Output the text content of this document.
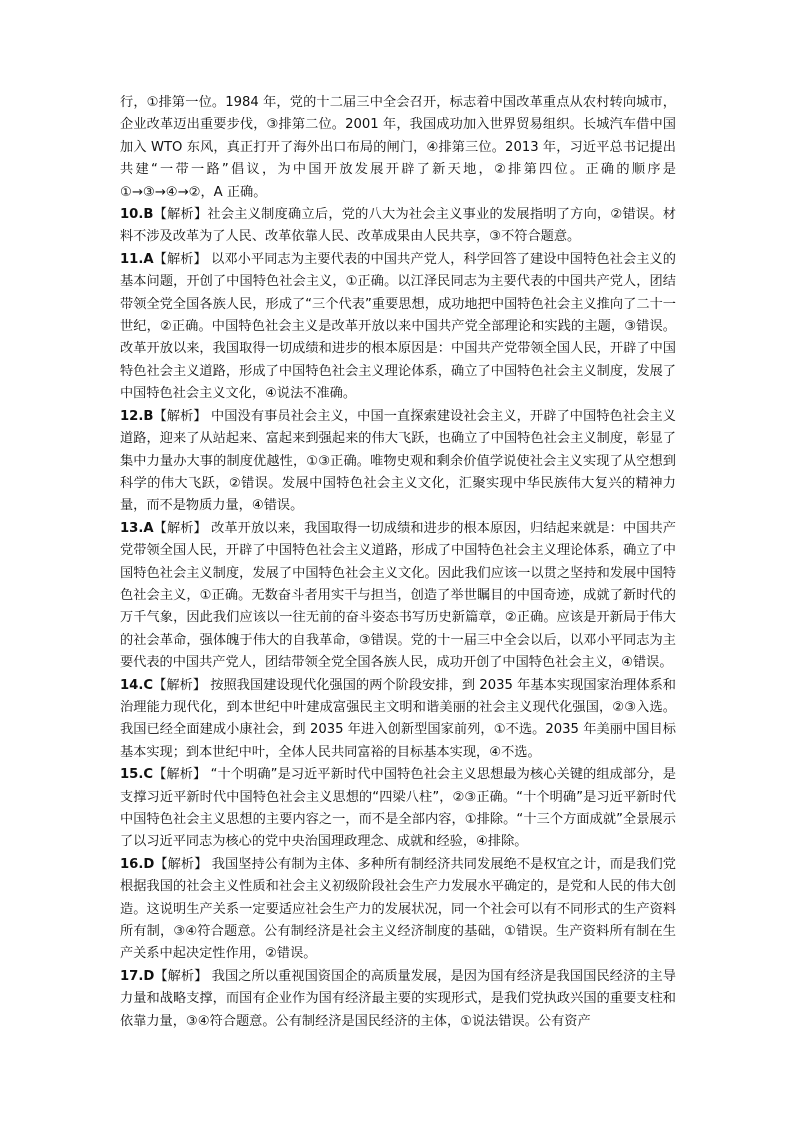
行，①排第一位。1984 年，党的十二届三中全会召开，标志着中国改革重点从农村转向城市，企业改革迈出重要步伐，③排第二位。2001 年，我国成功加入世界贸易组织。长城汽车借中国加入 WTO 东风，真正打开了海外出口布局的闸门，④排第三位。2013 年，习近平总书记提出共建“一带一路”倡议，为中国开放发展开辟了新天地，②排第四位。正确的顺序是①→③→④→②，A 正确。

10.B【解析】社会主义制度确立后，党的八大为社会主义事业的发展指明了方向，②错误。材料不涉及改革为了人民、改革依靠人民、改革成果由人民共享，③不符合题意。

11.A【解析】 以邓小平同志为主要代表的中国共产党人，科学回答了建设中国特色社会主义的基本问题，开创了中国特色社会主义，①正确。以江泽民同志为主要代表的中国共产党人，团结带领全党全国各族人民，形成了“三个代表”重要思想，成功地把中国特色社会主义推向了二十一世纪，②正确。中国特色社会主义是改革开放以来中国共产党全部理论和实践的主题，③错误。改革开放以来，我国取得一切成绩和进步的根本原因是：中国共产党带领全国人民，开辟了中国特色社会主义道路，形成了中国特色社会主义理论体系，确立了中国特色社会主义制度，发展了中国特色社会主义文化，④说法不准确。

12.B【解析】 中国没有事员社会主义，中国一直探索建设社会主义，开辟了中国特色社会主义道路，迎来了从站起来、富起来到强起来的伟大飞跃，也确立了中国特色社会主义制度，彰显了集中力量办大事的制度优越性，①③正确。唯物史观和剩余价值学说使社会主义实现了从空想到科学的伟大飞跃，②错误。发展中国特色社会主义文化，汇聚实现中华民族伟大复兴的精神力量，而不是物质力量，④错误。

13.A【解析】 改革开放以来，我国取得一切成绩和进步的根本原因，归结起来就是：中国共产党带领全国人民，开辟了中国特色社会主义道路，形成了中国特色社会主义理论体系，确立了中国特色社会主义制度，发展了中国特色社会主义文化。因此我们应该一以贯之坚持和发展中国特色社会主义，①正确。无数奋斗者用实干与担当，创造了举世瞩目的中国奇迹，成就了新时代的万千气象，因此我们应该以一往无前的奋斗姿态书写历史新篇章，②正确。应该是开新局于伟大的社会革命，强体魄于伟大的自我革命，③错误。党的十一届三中全会以后，以邓小平同志为主要代表的中国共产党人，团结带领全党全国各族人民，成功开创了中国特色社会主义，④错误。

14.C【解析】 按照我国建设现代化强国的两个阶段安排，到 2035 年基本实现国家治理体系和治理能力现代化，到本世纪中叶建成富强民主文明和谐美丽的社会主义现代化强国，②③入选。我国已经全面建成小康社会，到 2035 年进入创新型国家前列，①不选。2035 年美丽中国目标基本实现；到本世纪中叶，全体人民共同富裕的目标基本实现，④不选。

15.C【解析】 “十个明确”是习近平新时代中国特色社会主义思想最为核心关键的组成部分，是支撑习近平新时代中国特色社会主义思想的“四梁八柱”，②③正确。“十个明确”是习近平新时代中国特色社会主义思想的主要内容之一，而不是全部内容，①排除。“十三个方面成就”全景展示了以习近平同志为核心的党中央治国理政理念、成就和经验，④排除。

16.D【解析】 我国坚持公有制为主体、多种所有制经济共同发展绝不是权宜之计，而是我们党根据我国的社会主义性质和社会主义初级阶段社会生产力发展水平确定的，是党和人民的伟大创造。这说明生产关系一定要适应社会生产力的发展状况，同一个社会可以有不同形式的生产资料所有制，③④符合题意。公有制经济是社会主义经济制度的基础，①错误。生产资料所有制在生产关系中起决定性作用，②错误。

17.D【解析】 我国之所以重视国资国企的高质量发展，是因为国有经济是我国国民经济的主导力量和战略支撑，而国有企业作为国有经济最主要的实现形式，是我们党执政兴国的重要支柱和依靠力量，③④符合题意。公有制经济是国民经济的主体，①说法错误。公有资产
